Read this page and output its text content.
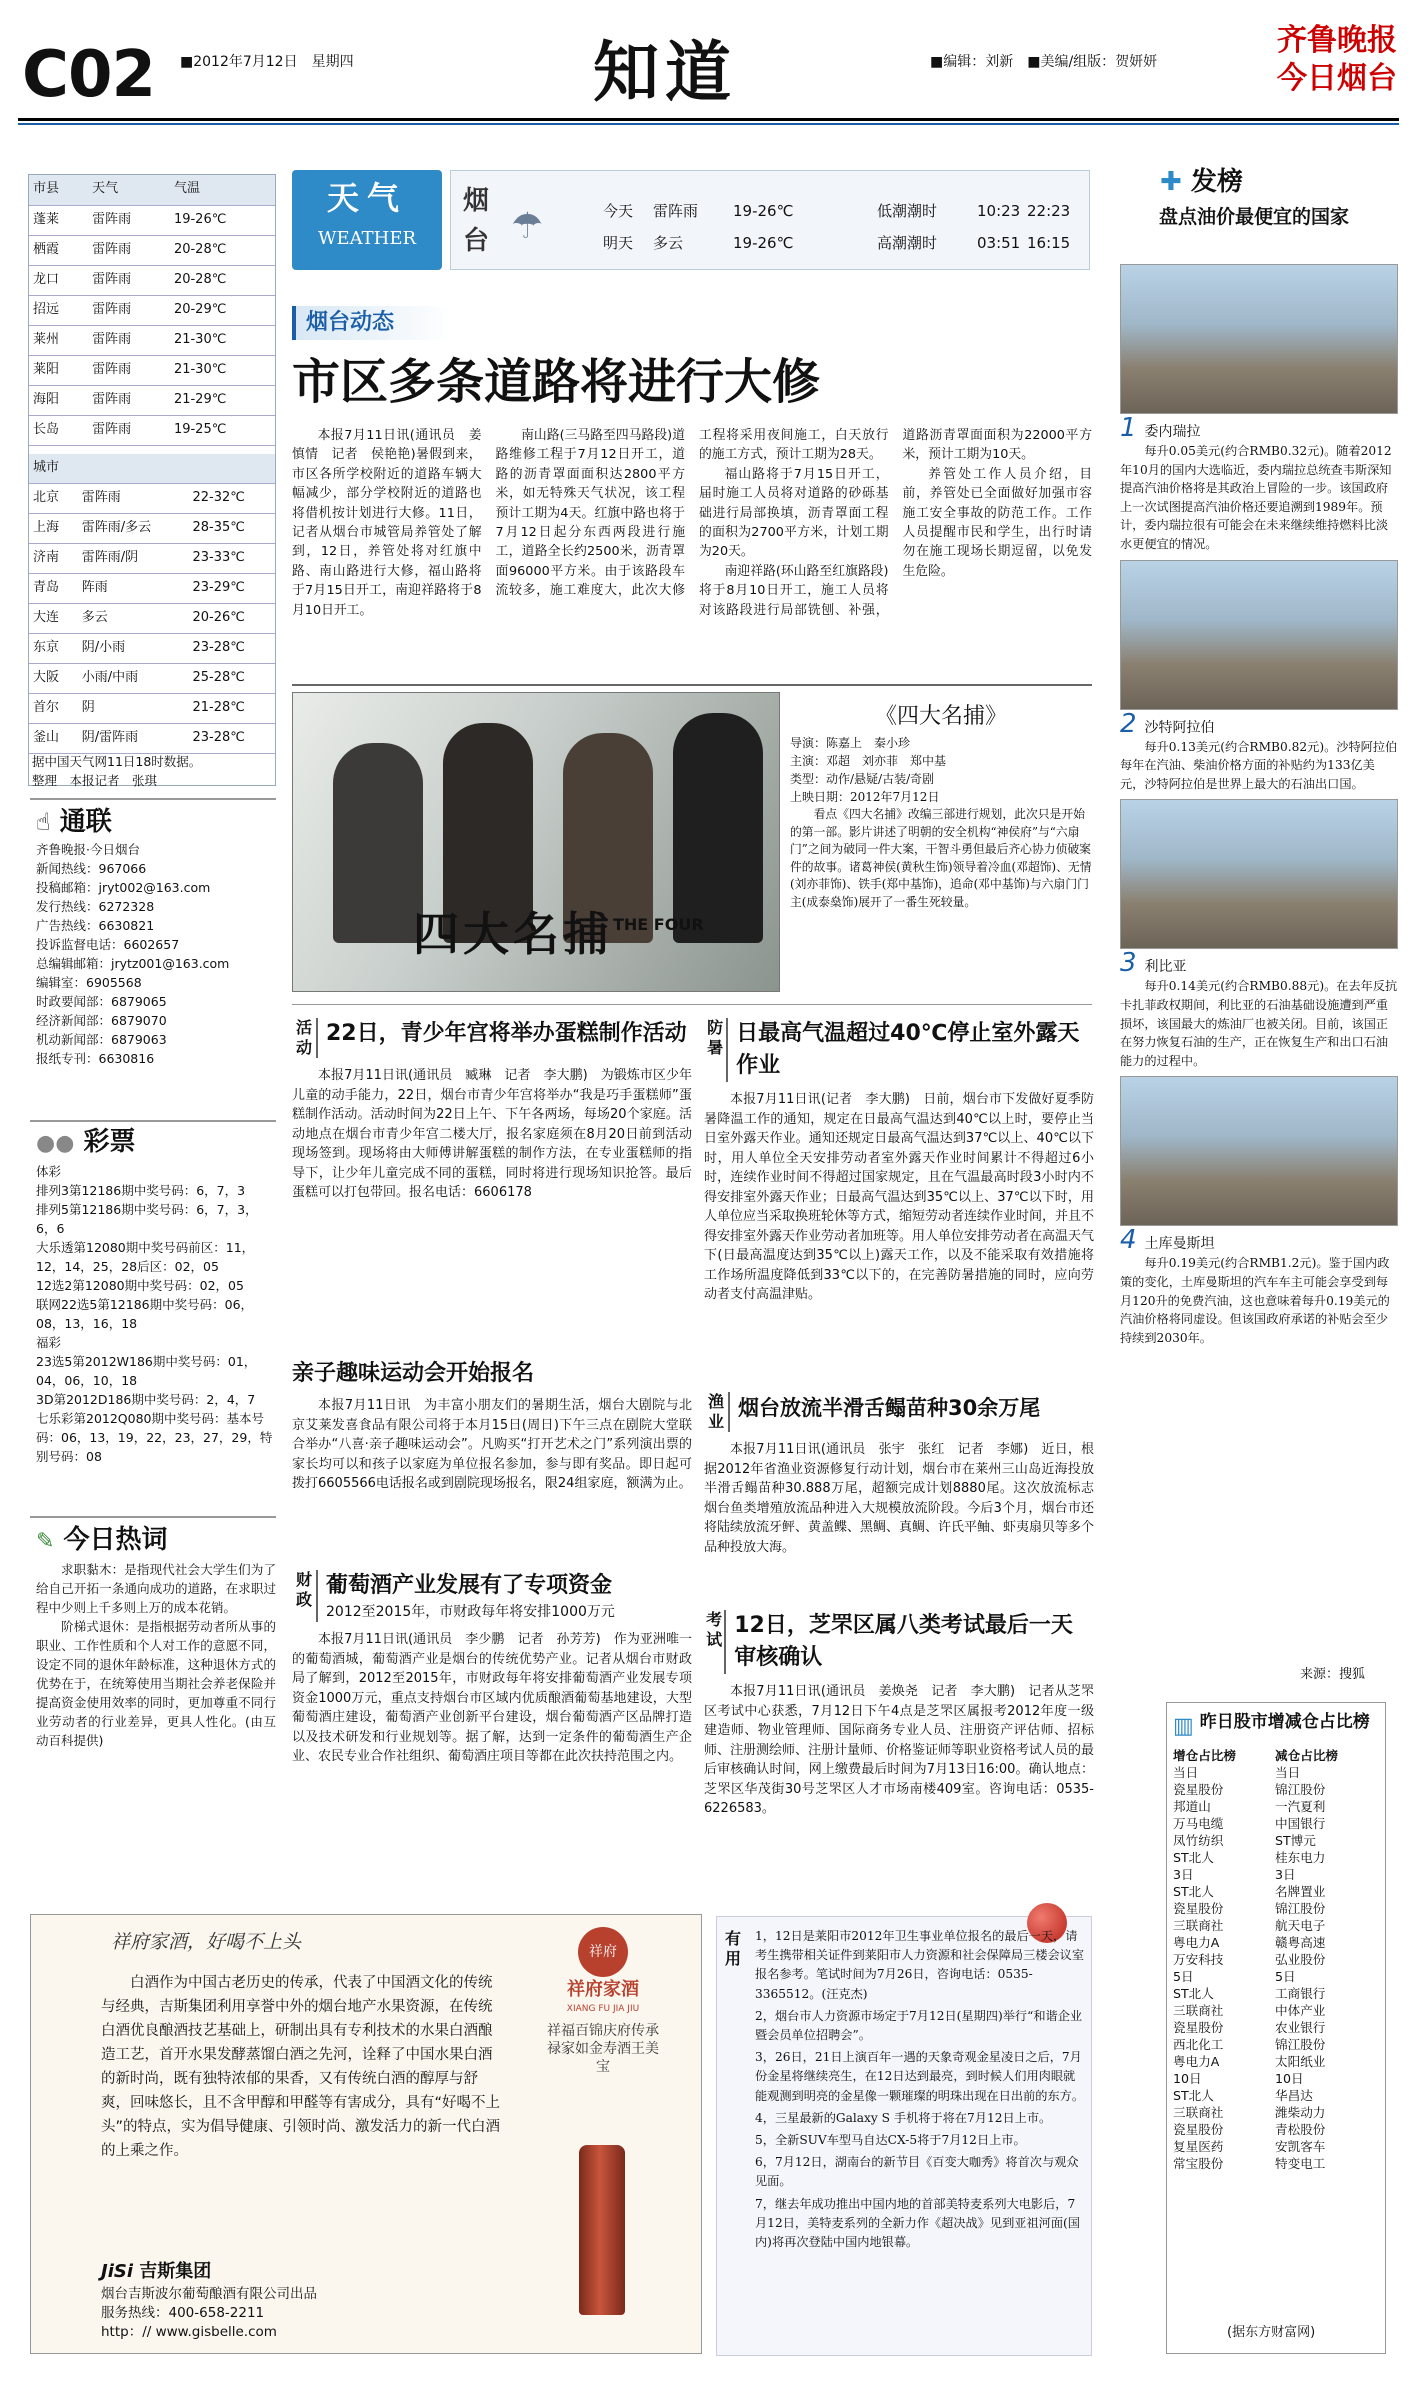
C02 ■2012年7月12日　星期四	知道	■编辑：刘新　■美编/组版：贺妍妍
齐鲁晚报
今日烟台
市县	天气	气温
蓬莱	雷阵雨	19-26℃
栖霞	雷阵雨	20-28℃
龙口	雷阵雨	20-28℃
招远	雷阵雨	20-29℃
莱州	雷阵雨	21-30℃
莱阳	雷阵雨	21-30℃
海阳	雷阵雨	21-29℃
长岛	雷阵雨	19-25℃
城市		
北京	雷阵雨	22-32℃
上海	雷阵雨/多云	28-35℃
济南	雷阵雨/阴	23-33℃
青岛	阵雨	23-29℃
大连	多云	20-26℃
东京	阴/小雨	23-28℃
大阪	小雨/中雨	25-28℃
首尔	阴	21-28℃
釜山	阴/雷阵雨	23-28℃
据中国天气网11日18时数据。
整理　本报记者　张琪
☝ 通联
齐鲁晚报·今日烟台
新闻热线：967066
投稿邮箱：jryt002@163.com
发行热线：6272328
广告热线：6630821
投诉监督电话：6602657
总编辑邮箱：jrytz001@163.com
编辑室：6905568
时政要闻部：6879065
经济新闻部：6879070
机动新闻部：6879063
报纸专刊：6630816
●● 彩票
体彩
排列3第12186期中奖号码：6，7，3
排列5第12186期中奖号码：6，7，3，6，6
大乐透第12080期中奖号码前区：11，12，14，25，28后区：02，05
12选2第12080期中奖号码：02，05
联网22选5第12186期中奖号码：06，08，13，16，18
福彩
23选5第2012W186期中奖号码：01，04，06，10，18
3D第2012D186期中奖号码：2，4，7
七乐彩第2012Q080期中奖号码：基本号码：06，13，19，22，23，27，29，特别号码：08
✎ 今日热词
求职黏木：是指现代社会大学生们为了给自己开拓一条通向成功的道路，在求职过程中少则上千多则上万的成本花销。
阶梯式退休：是指根据劳动者所从事的职业、工作性质和个人对工作的意愿不同，设定不同的退休年龄标准，这种退休方式的优势在于，在统筹使用当期社会养老保险并提高资金使用效率的同时，更加尊重不同行业劳动者的行业差异，更具人性化。(由互动百科提供)
祥府家酒，好喝不上头
白酒作为中国古老历史的传承，代表了中国酒文化的传统与经典，吉斯集团利用享誉中外的烟台地产水果资源，在传统白酒优良酿酒技艺基础上，研制出具有专利技术的水果白酒酿造工艺，首开水果发酵蒸馏白酒之先河，诠释了中国水果白酒的新时尚，既有独特浓郁的果香，又有传统白酒的醇厚与舒爽，回味悠长，且不含甲醇和甲醛等有害成分，具有“好喝不上头”的特点，实为倡导健康、引领时尚、激发活力的新一代白酒的上乘之作。
祥府
祥府家酒
XIANG FU JIA JIU
祥福百锦庆府传承禄家如金寿酒王美宝
JiSi 吉斯集团
烟台吉斯波尔葡萄酿酒有限公司出品
服务热线：400-658-2211
http：// www.gisbelle.com
天气
WEATHER
烟台 ☂	今天 雷阵雨 19-26℃
明天 多云	19-26℃
低潮潮时	10:23 22:23
高潮潮时	03:51 16:15
烟台动态
市区多条道路将进行大修

本报7月11日讯(通讯员　姜慎情　记者　侯艳艳)暑假到来，市区各所学校附近的道路车辆大幅减少，部分学校附近的道路也将借机按计划进行大修。11日，记者从烟台市城管局养管处了解到，12日，养管处将对红旗中路、南山路进行大修，福山路将于7月15日开工，南迎祥路将于8月10日开工。

南山路(三马路至四马路段)道路维修工程于7月12日开工，道路的沥青罩面面积达2800平方米，如无特殊天气状况，该工程预计工期为4天。红旗中路也将于7月12日起分东西两段进行施工，道路全长约2500米，沥青罩面96000平方米。由于该路段车流较多，施工难度大，此次大修工程将采用夜间施工，白天放行的施工方式，预计工期为28天。

福山路将于7月15日开工，届时施工人员将对道路的砂砾基础进行局部换填，沥青罩面工程的面积为2700平方米，计划工期为20天。

南迎祥路(环山路至红旗路段)将于8月10日开工，施工人员将对该路段进行局部铣刨、补强，道路沥青罩面面积为22000平方米，预计工期为10天。

养管处工作人员介绍，目前，养管处已全面做好加强市容施工安全事故的防范工作。工作人员提醒市民和学生，出行时请勿在施工现场长期逗留，以免发生危险。

四大名捕 THE FOUR
《四大名捕》
导演：陈嘉上　秦小珍
主演：邓超　刘亦菲　郑中基
类型：动作/悬疑/古装/奇剧
上映日期：2012年7月12日
看点《四大名捕》改编三部进行规划，此次只是开始的第一部。影片讲述了明朝的安全机构“神侯府”与“六扇门”之间为破同一件大案，干智斗勇但最后齐心协力侦破案件的故事。诸葛神侯(黄秋生饰)领导着冷血(邓超饰)、无情(刘亦菲饰)、铁手(郑中基饰)，追命(邓中基饰)与六扇门门主(成泰燊饰)展开了一番生死较量。
活动
22日，青少年宫将举办蛋糕制作活动
本报7月11日讯(通讯员　臧琳　记者　李大鹏)　为锻炼市区少年儿童的动手能力，22日，烟台市青少年宫将举办“我是巧手蛋糕师”蛋糕制作活动。活动时间为22日上午、下午各两场，每场20个家庭。活动地点在烟台市青少年宫二楼大厅，报名家庭须在8月20日前到活动现场签到。现场将由大师傅讲解蛋糕的制作方法，在专业蛋糕师的指导下，让少年儿童完成不同的蛋糕，同时将进行现场知识抢答。最后蛋糕可以打包带回。报名电话：6606178
亲子趣味运动会开始报名
本报7月11日讯　为丰富小朋友们的暑期生活，烟台大剧院与北京艾莱发喜食品有限公司将于本月15日(周日)下午三点在剧院大堂联合举办“八喜·亲子趣味运动会”。凡购买“打开艺术之门”系列演出票的家长均可以和孩子以家庭为单位报名参加，参与即有奖品。即日起可拨打6605566电话报名或到剧院现场报名，限24组家庭，额满为止。
财政
葡萄酒产业发展有了专项资金
2012至2015年，市财政每年将安排1000万元
本报7月11日讯(通讯员　李少鹏　记者　孙芳芳)　作为亚洲唯一的葡萄酒城，葡萄酒产业是烟台的传统优势产业。记者从烟台市财政局了解到，2012至2015年，市财政每年将安排葡萄酒产业发展专项资金1000万元，重点支持烟台市区域内优质酿酒葡萄基地建设，大型葡萄酒庄建设，葡萄酒产业创新平台建设，烟台葡萄酒产区品牌打造以及技术研发和行业规划等。据了解，达到一定条件的葡萄酒生产企业、农民专业合作社组织、葡萄酒庄项目等都在此次扶持范围之内。
防暑
日最高气温超过40℃停止室外露天作业
本报7月11日讯(记者　李大鹏)　日前，烟台市下发做好夏季防暑降温工作的通知，规定在日最高气温达到40℃以上时，要停止当日室外露天作业。通知还规定日最高气温达到37℃以上、40℃以下时，用人单位全天安排劳动者室外露天作业时间累计不得超过6小时，连续作业时间不得超过国家规定，且在气温最高时段3小时内不得安排室外露天作业；日最高气温达到35℃以上、37℃以下时，用人单位应当采取换班轮休等方式，缩短劳动者连续作业时间，并且不得安排室外露天作业劳动者加班等。用人单位安排劳动者在高温天气下(日最高温度达到35℃以上)露天工作，以及不能采取有效措施将工作场所温度降低到33℃以下的，在完善防暑措施的同时，应向劳动者支付高温津贴。
渔业
烟台放流半滑舌鳎苗种30余万尾
本报7月11日讯(通讯员　张宇　张红　记者　李娜)　近日，根据2012年省渔业资源修复行动计划，烟台市在莱州三山岛近海投放半滑舌鳎苗种30.888万尾，超额完成计划8880尾。这次放流标志烟台鱼类增殖放流品种进入大规模放流阶段。今后3个月，烟台市还将陆续放流牙鲆、黄盖鲽、黑鲷、真鲷、许氏平鲉、虾夷扇贝等多个品种投放大海。
考试
12日，芝罘区属八类考试最后一天审核确认
本报7月11日讯(通讯员　姜焕尧　记者　李大鹏)　记者从芝罘区考试中心获悉，7月12日下午4点是芝罘区属报考2012年度一级建造师、物业管理师、国际商务专业人员、注册资产评估师、招标师、注册测绘师、注册计量师、价格鉴证师等职业资格考试人员的最后审核确认时间，网上缴费最后时间为7月13日16:00。确认地点：芝罘区华茂街30号芝罘区人才市场南楼409室。咨询电话：0535-6226583。
有用
1，12日是莱阳市2012年卫生事业单位报名的最后一天，请考生携带相关证件到莱阳市人力资源和社会保障局三楼会议室报名参考。笔试时间为7月26日，咨询电话：0535-3365512。(汪克杰)
2，烟台市人力资源市场定于7月12日(星期四)举行“和谐企业暨会员单位招聘会”。
3，26日，21日上演百年一遇的天象奇观金星凌日之后，7月份金星将继续亮生，在12日达到最亮，到时候人们用肉眼就能观测到明亮的金星像一颗璀璨的明珠出现在日出前的东方。
4，三星最新的Galaxy S 手机将于将在7月12日上市。
5，全新SUV车型马自达CX-5将于7月12日上市。
6，7月12日，湖南台的新节目《百变大咖秀》将首次与观众见面。
7，继去年成功推出中国内地的首部美特麦系列大电影后，7月12日，美特麦系列的全新力作《超决战》见到亚祖河面(国内)将再次登陆中国内地银幕。
✚ 发榜
盘点油价最便宜的国家
1 委内瑞拉
每升0.05美元(约合RMB0.32元)。随着2012年10月的国内大选临近，委内瑞拉总统查韦斯深知提高汽油价格将是其政治上冒险的一步。该国政府上一次试图提高汽油价格还要追溯到1989年。预计，委内瑞拉很有可能会在未来继续维持燃料比淡水更便宜的情况。
2 沙特阿拉伯
每升0.13美元(约合RMB0.82元)。沙特阿拉伯每年在汽油、柴油价格方面的补贴约为133亿美元，沙特阿拉伯是世界上最大的石油出口国。
3 利比亚
每升0.14美元(约合RMB0.88元)。在去年反抗卡扎菲政权期间，利比亚的石油基础设施遭到严重损坏，该国最大的炼油厂也被关闭。目前，该国正在努力恢复石油的生产，正在恢复生产和出口石油能力的过程中。
4 土库曼斯坦
每升0.19美元(约合RMB1.2元)。鉴于国内政策的变化，土库曼斯坦的汽车车主可能会享受到每月120升的免费汽油，这也意味着每升0.19美元的汽油价格将同虚设。但该国政府承诺的补贴会至少持续到2030年。
来源：搜狐
▥ 昨日股市增减仓占比榜
增仓占比榜	减仓占比榜
当日	当日
瓷星股份	锦江股份
邦道山	一汽夏利
万马电缆	中国银行
凤竹纺织	ST博元
ST北人	桂东电力
3日	3日
ST北人	名牌置业
瓷星股份	锦江股份
三联商社	航天电子
粤电力A	赣粤高速
万安科技	弘业股份
5日	5日
ST北人	工商银行
三联商社	中体产业
瓷星股份	农业银行
西北化工	锦江股份
粤电力A	太阳纸业
10日	10日
ST北人	华昌达
三联商社	潍柴动力
瓷星股份	青松股份
复星医药	安凯客车
常宝股份	特变电工
(据东方财富网)
